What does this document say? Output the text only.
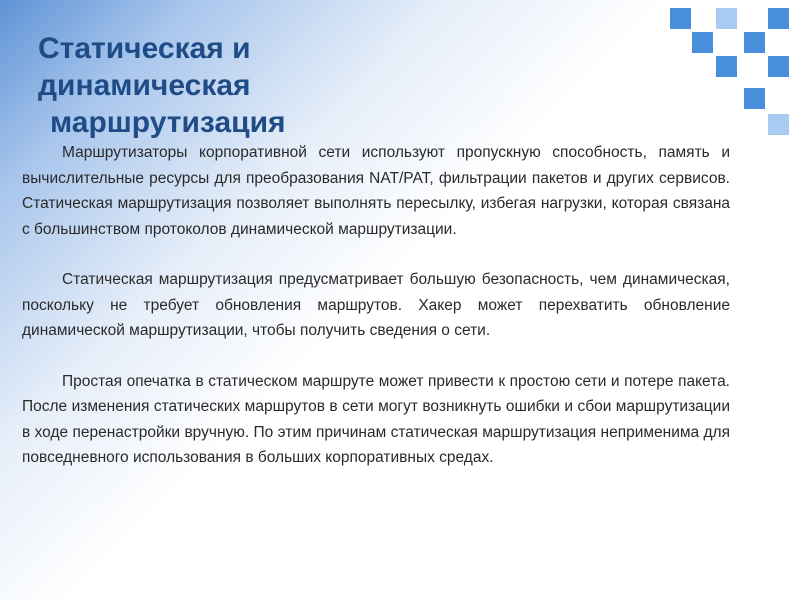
Статическая и
динамическая
маршрутизация

Маршрутизаторы корпоративной сети используют пропускную способность, память и вычислительные ресурсы для преобразования NAT/PAT, фильтрации пакетов и других сервисов. Статическая маршрутизация позволяет выполнять пересылку, избегая нагрузки, которая связана с большинством протоколов динамической маршрутизации.

Статическая маршрутизация предусматривает большую безопасность, чем динамическая, поскольку не требует обновления маршрутов. Хакер может перехватить обновление динамической маршрутизации, чтобы получить сведения о сети.

Простая опечатка в статическом маршруте может привести к простою сети и потере пакета. После изменения статических маршрутов в сети могут возникнуть ошибки и сбои маршрутизации в ходе перенастройки вручную. По этим причинам статическая маршрутизация неприменима для повседневного использования в больших корпоративных средах.
